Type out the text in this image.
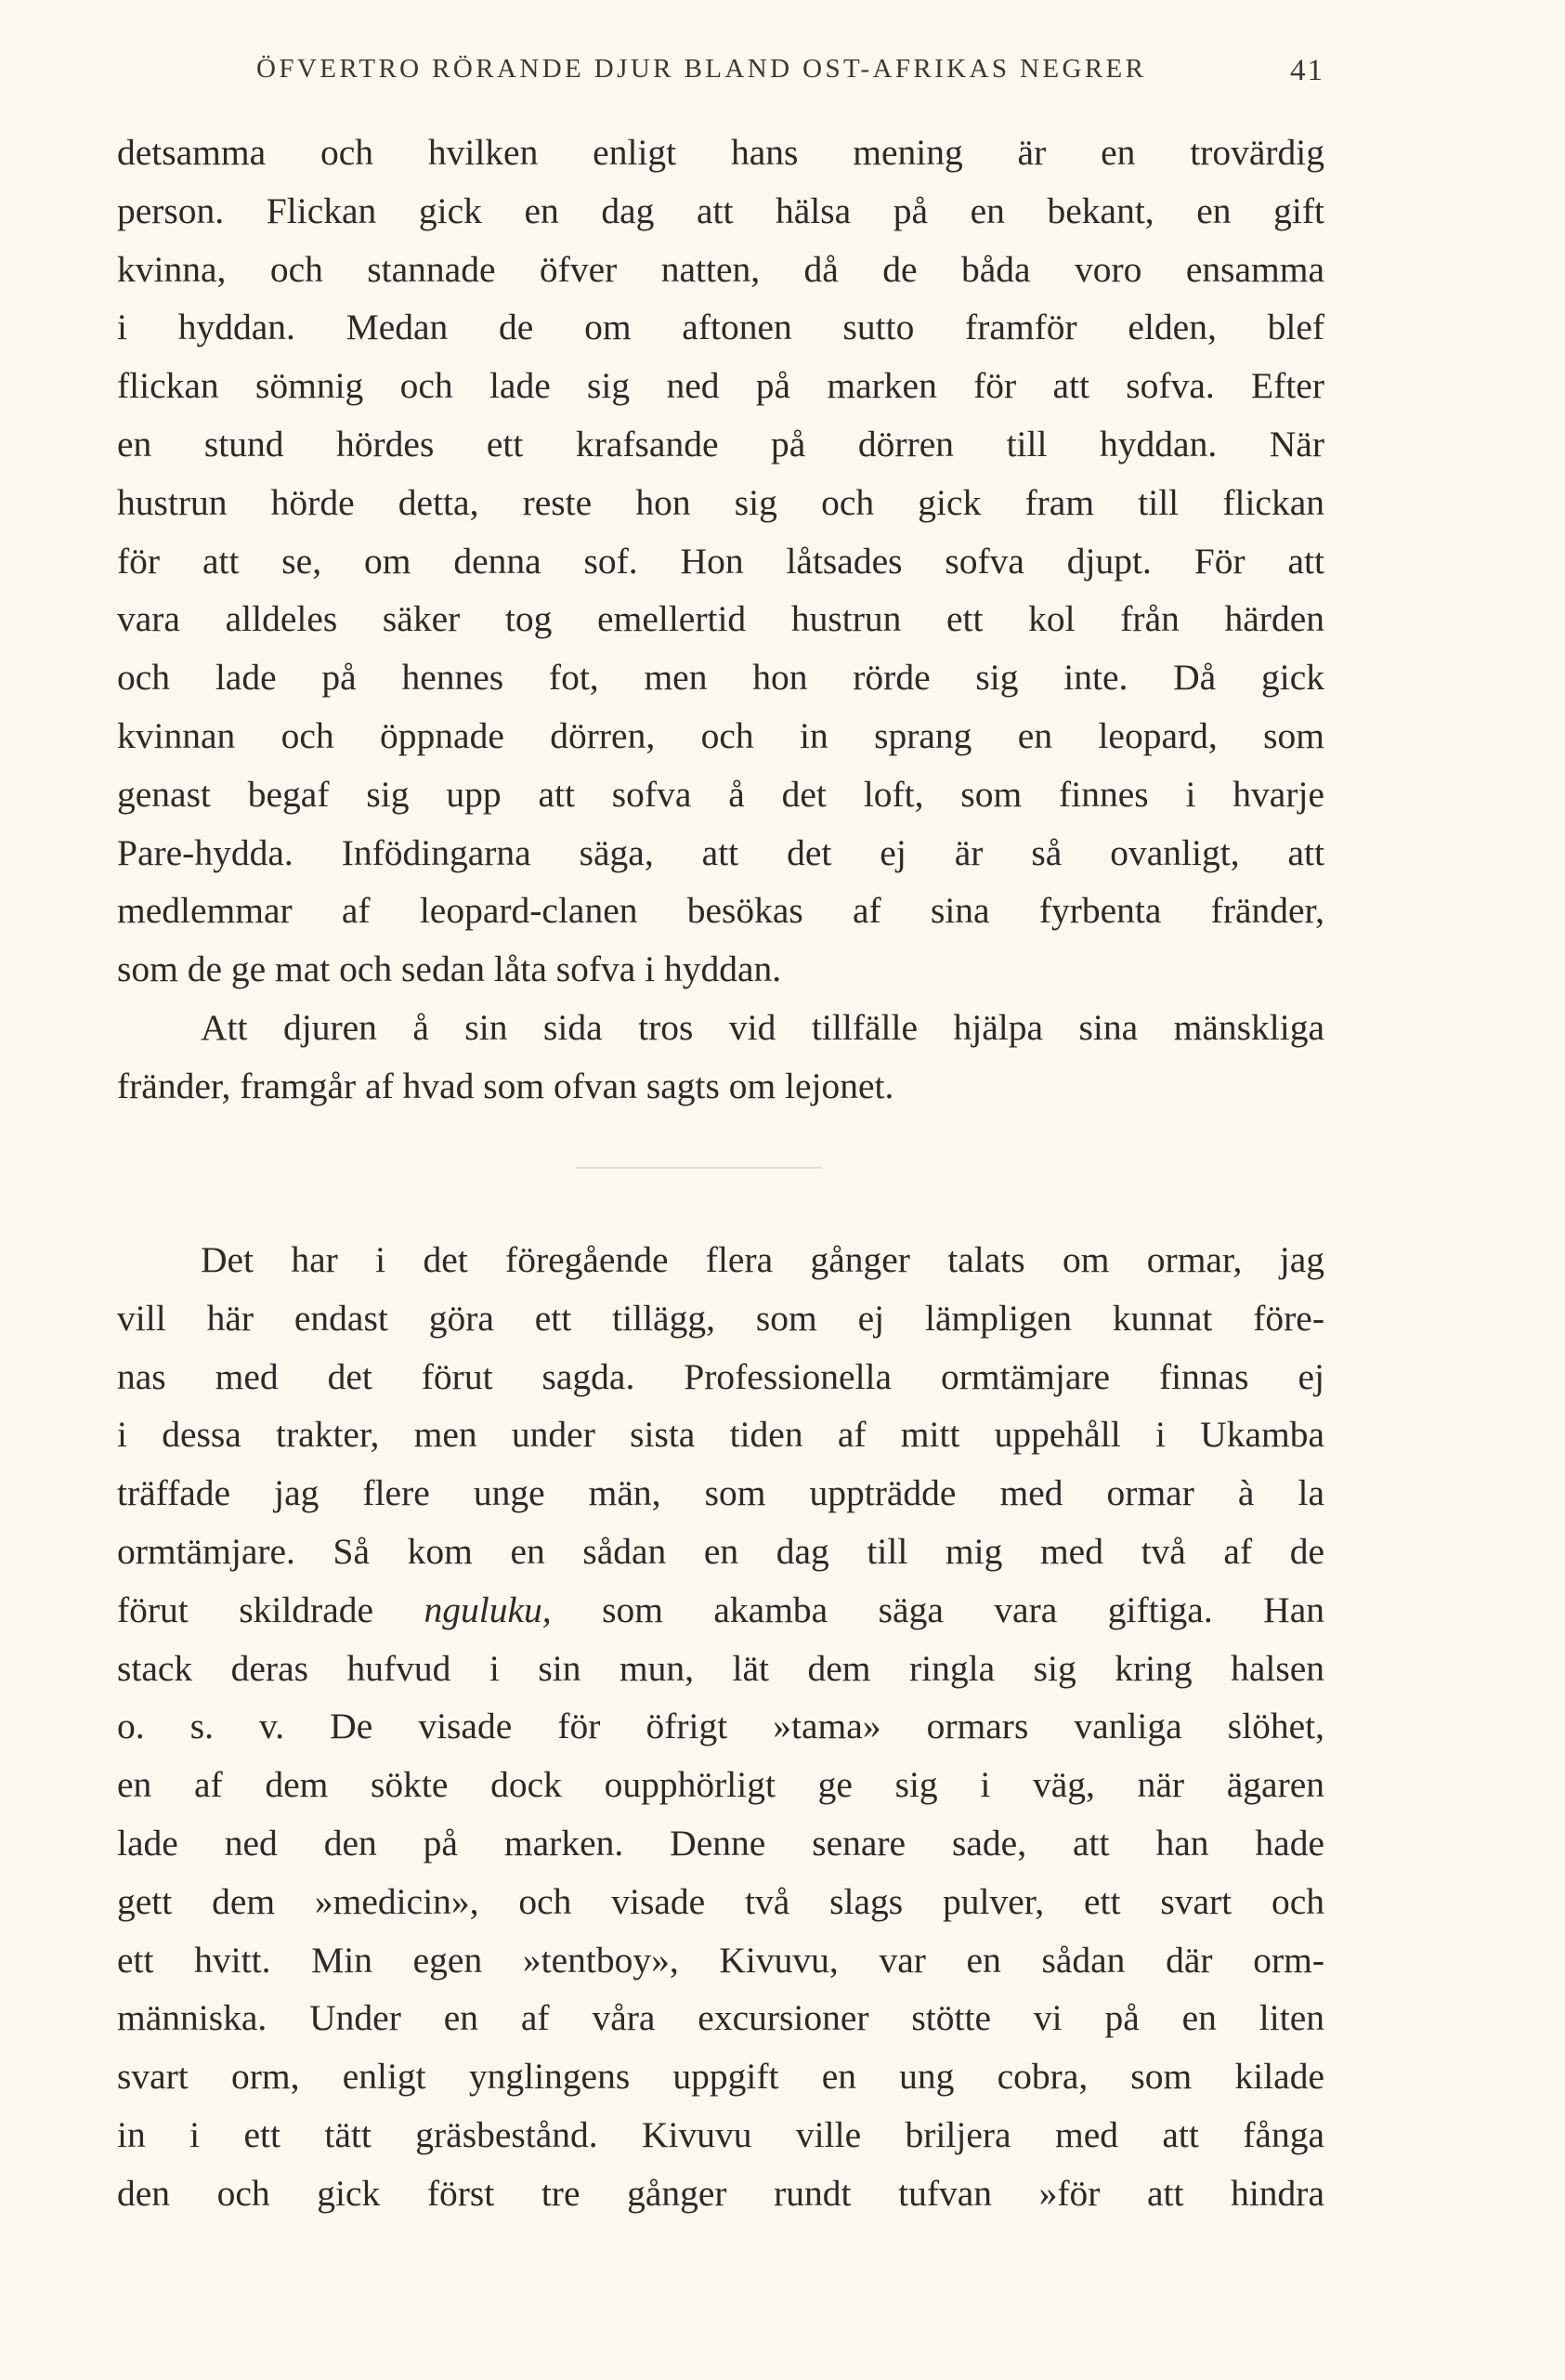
ÖFVERTRO RÖRANDE DJUR BLAND OST-AFRIKAS NEGRER	41
detsamma och hvilken enligt hans mening är en trovärdig
person. Flickan gick en dag att hälsa på en bekant, en gift
kvinna, och stannade öfver natten, då de båda voro ensamma
i hyddan. Medan de om aftonen sutto framför elden, blef
flickan sömnig och lade sig ned på marken för att sofva. Efter
en stund hördes ett krafsande på dörren till hyddan. När
hustrun hörde detta, reste hon sig och gick fram till flickan
för att se, om denna sof. Hon låtsades sofva djupt. För att
vara alldeles säker tog emellertid hustrun ett kol från härden
och lade på hennes fot, men hon rörde sig inte. Då gick
kvinnan och öppnade dörren, och in sprang en leopard, som
genast begaf sig upp att sofva å det loft, som finnes i hvarje
Pare-hydda. Infödingarna säga, att det ej är så ovanligt, att
medlemmar af leopard-clanen besökas af sina fyrbenta fränder,
som de ge mat och sedan låta sofva i hyddan.
Att djuren å sin sida tros vid tillfälle hjälpa sina mänskliga
fränder, framgår af hvad som ofvan sagts om lejonet.
Det har i det föregående flera gånger talats om ormar, jag
vill här endast göra ett tillägg, som ej lämpligen kunnat före-
nas med det förut sagda. Professionella ormtämjare finnas ej
i dessa trakter, men under sista tiden af mitt uppehåll i Ukamba
träffade jag flere unge män, som uppträdde med ormar à la
ormtämjare. Så kom en sådan en dag till mig med två af de
förut skildrade nguluku, som akamba säga vara giftiga. Han
stack deras hufvud i sin mun, lät dem ringla sig kring halsen
o. s. v. De visade för öfrigt »tama» ormars vanliga slöhet,
en af dem sökte dock oupphörligt ge sig i väg, när ägaren
lade ned den på marken. Denne senare sade, att han hade
gett dem »medicin», och visade två slags pulver, ett svart och
ett hvitt. Min egen »tentboy», Kivuvu, var en sådan där orm-
människa. Under en af våra excursioner stötte vi på en liten
svart orm, enligt ynglingens uppgift en ung cobra, som kilade
in i ett tätt gräsbestånd. Kivuvu ville briljera med att fånga
den och gick först tre gånger rundt tufvan »för att hindra
